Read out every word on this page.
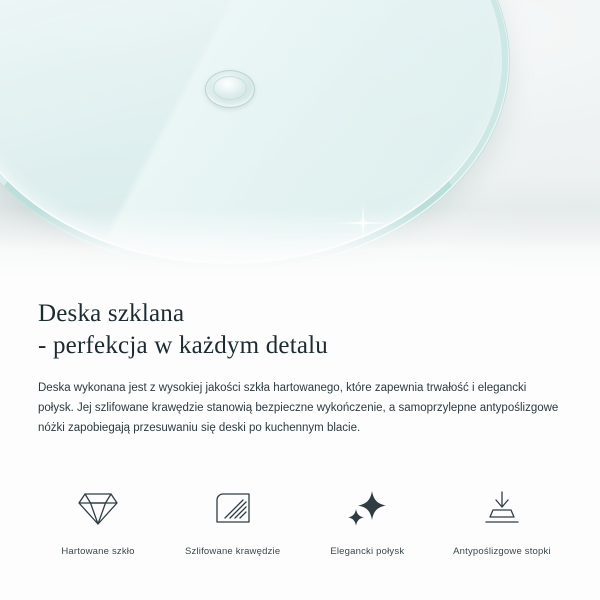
Deska szklana
- perfekcja w każdym detalu

Deska wykonana jest z wysokiej jakości szkła hartowanego, które zapewnia trwałość i elegancki połysk. Jej szlifowane krawędzie stanowią bezpieczne wykończenie, a samoprzylepne antypoślizgowe nóżki zapobiegają przesuwaniu się deski po kuchennym blacie.

Hartowane szkło	Szlifowane krawędzie	Elegancki połysk	Antypoślizgowe stopki
